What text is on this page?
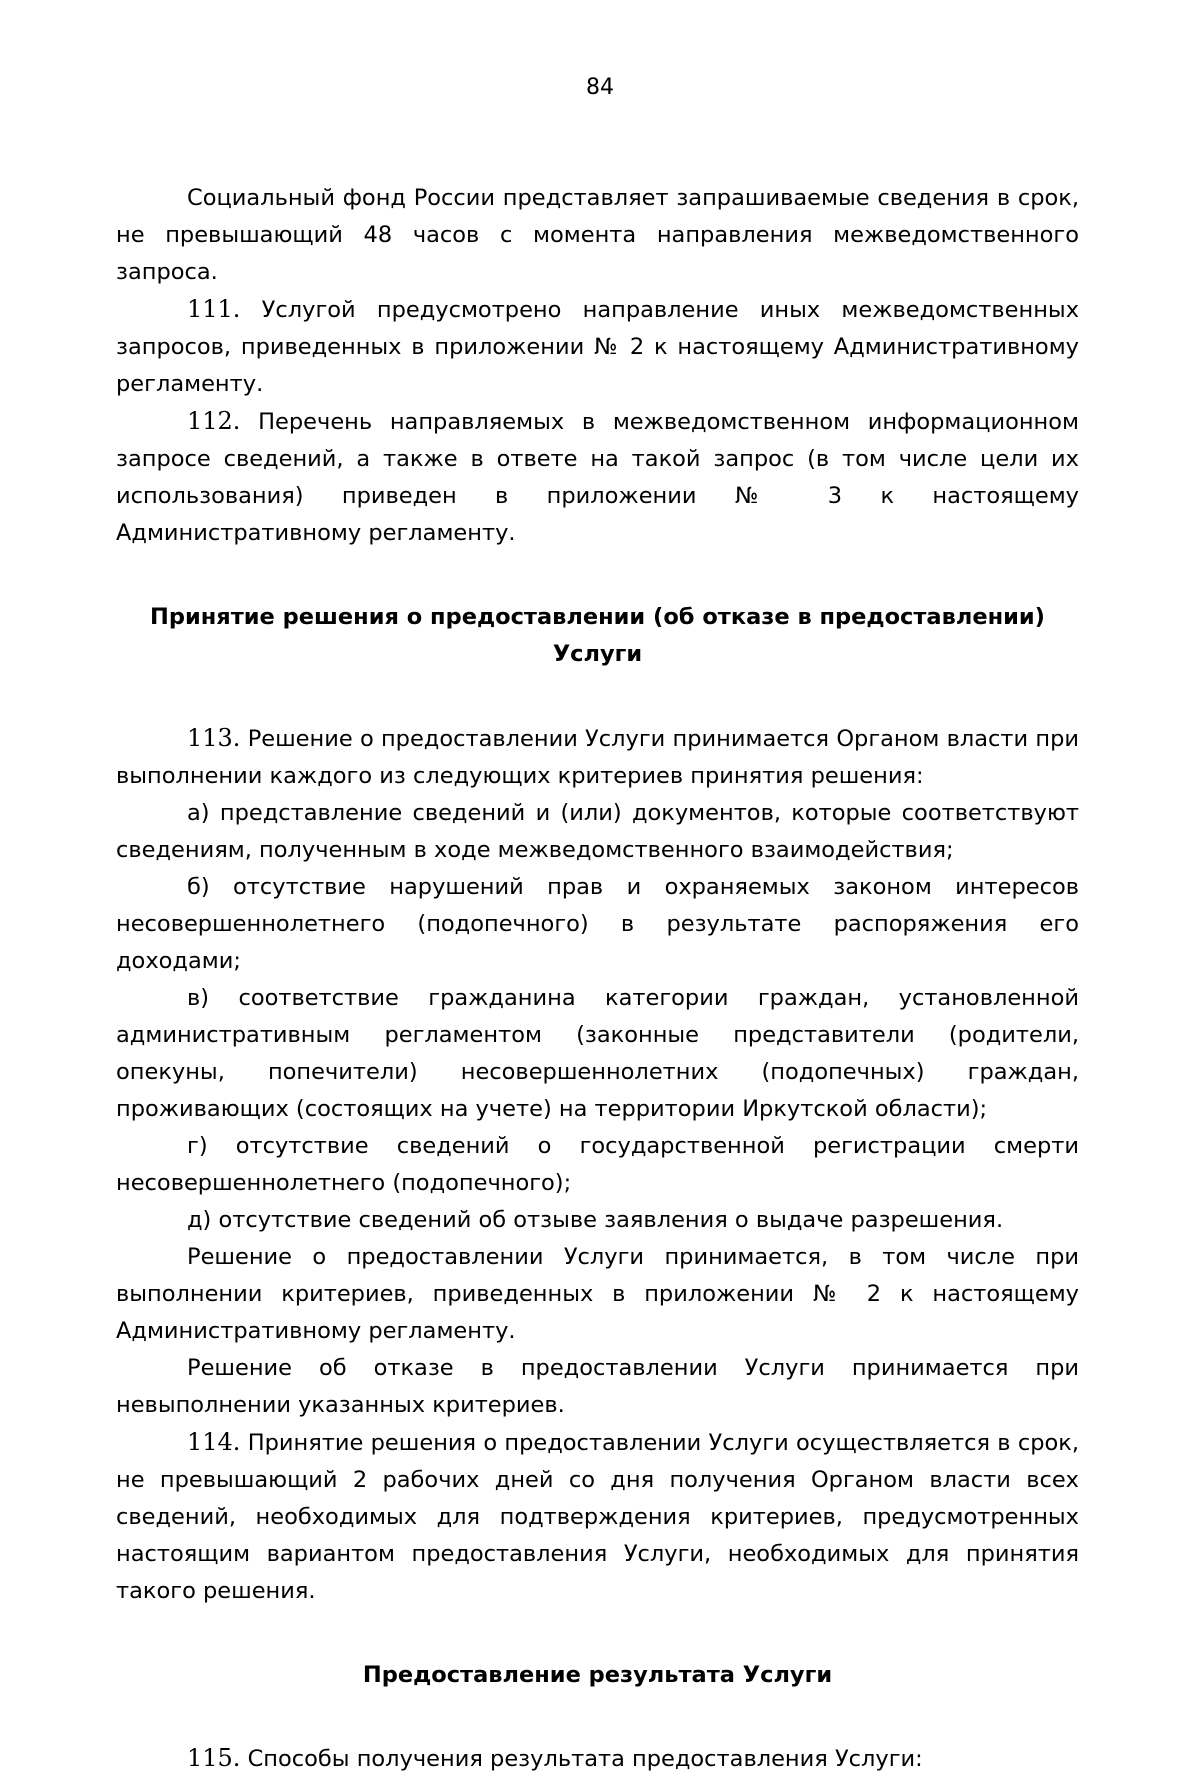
84

Социальный фонд России представляет запрашиваемые сведения в срок, не превышающий 48 часов с момента направления межведомственного запроса.

111. Услугой предусмотрено направление иных межведомственных запросов, приведенных в приложении № 2 к настоящему Административному регламенту.

112. Перечень направляемых в межведомственном информационном запросе сведений, а также в ответе на такой запрос (в том числе цели их использования) приведен в приложении № 3 к настоящему Административному регламенту.

Принятие решения о предоставлении (об отказе в предоставлении) Услуги

113. Решение о предоставлении Услуги принимается Органом власти при выполнении каждого из следующих критериев принятия решения:

а) представление сведений и (или) документов, которые соответствуют сведениям, полученным в ходе межведомственного взаимодействия;

б) отсутствие нарушений прав и охраняемых законом интересов несовершеннолетнего (подопечного) в результате распоряжения его доходами;

в) соответствие гражданина категории граждан, установленной административным регламентом (законные представители (родители, опекуны, попечители) несовершеннолетних (подопечных) граждан, проживающих (состоящих на учете) на территории Иркутской области);

г) отсутствие сведений о государственной регистрации смерти несовершеннолетнего (подопечного);

д) отсутствие сведений об отзыве заявления о выдаче разрешения.

Решение о предоставлении Услуги принимается, в том числе при выполнении критериев, приведенных в приложении № 2 к настоящему Административному регламенту.

Решение об отказе в предоставлении Услуги принимается при невыполнении указанных критериев.

114. Принятие решения о предоставлении Услуги осуществляется в срок, не превышающий 2 рабочих дней со дня получения Органом власти всех сведений, необходимых для подтверждения критериев, предусмотренных настоящим вариантом предоставления Услуги, необходимых для принятия такого решения.

Предоставление результата Услуги

115. Способы получения результата предоставления Услуги:
